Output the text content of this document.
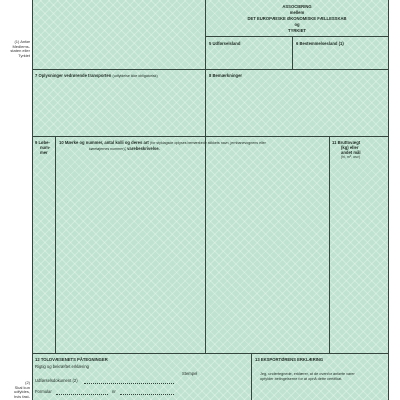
(1) Anfør
Medlems-
staten eller
Tyrkiet
(2)
Skal kun
udfyldes,
hvis fast-
ASSOCIERING
mellem
DET EUROPÆISKE ØKONOMISKE FÆLLESSKAB
og
TYRKIET
5 Udførselsland	6 Bestemmelsesland (1)
7 Oplysninger vedrørende transporten (udfyldelse ikke obligatorisk)	8 Bemærkninger
9 Løbe-
num-
mer
10 Mærke og nummer, antal kolli og deres art (for styklagsde oplyses bemærkede stikkets navn, jernbanevognens eller
køretøjernes nummer); varebeskrivelse.
11 Bruttovægt
(kg) eller
andet mål
(hl, m³, osv)
12 TOLDVÆSENETS PÅTEGNINGER
Rigtig og bekræftet erklæring
Stempel
Udførselsdokument (2)
Formular	nr
13 EKSPORTØRENS ERKLÆRING
Jeg, undertegnede, erklærer, at de ovenfor anførte varer
opfylder betingelserne for at opnå dette certifikat.
